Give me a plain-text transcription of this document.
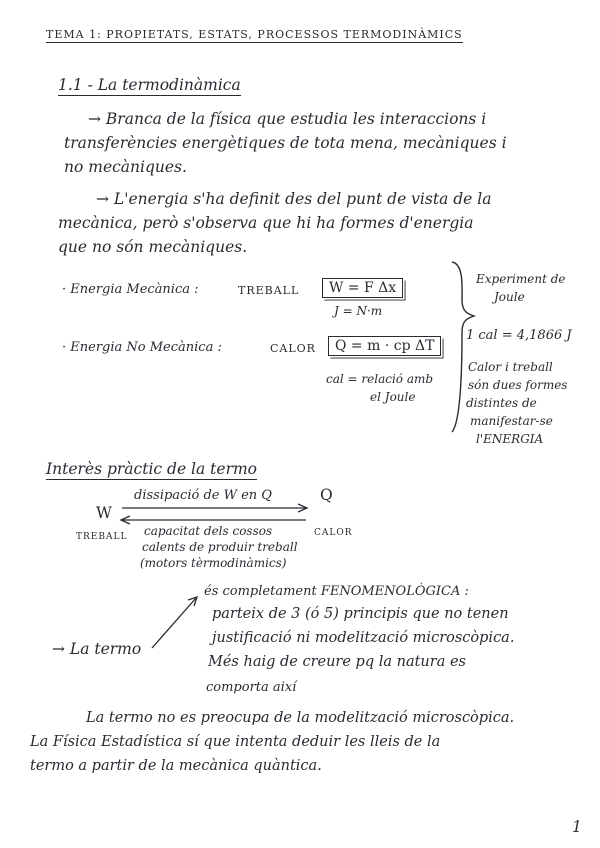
TEMA 1: PROPIETATS, ESTATS, PROCESSOS TERMODINÀMICS
1.1 - La termodinàmica
→ Branca de la física que estudia les interaccions i
transferències energètiques de tota mena, mecàniques i
no mecàniques.
→ L'energia s'ha definit des del punt de vista de la
mecànica, però s'observa que hi ha formes d'energia
que no són mecàniques.
· Energia Mecànica :	TREBALL	W = F Δx
J = N·m
· Energia No Mecànica :	CALOR	Q = m · cp ΔT
cal = relació amb
el Joule
Experiment de
Joule
1 cal = 4,1866 J
Calor i treball
són dues formes
distintes de
manifestar-se
l'ENERGIA
Interès pràctic de la termo
W
TREBALL
Q
CALOR
dissipació de W en Q
capacitat dels cossos
calents de produir treball
(motors tèrmodinàmics)
→ La termo
és completament FENOMENOLÒGICA :
parteix de 3 (ó 5) principis que no tenen
justificació ni modelització microscòpica.
Més haig de creure pq la natura es
comporta així
La termo no es preocupa de la modelització microscòpica.
La Física Estadística sí que intenta deduir les lleis de la
termo a partir de la mecànica quàntica.
1
